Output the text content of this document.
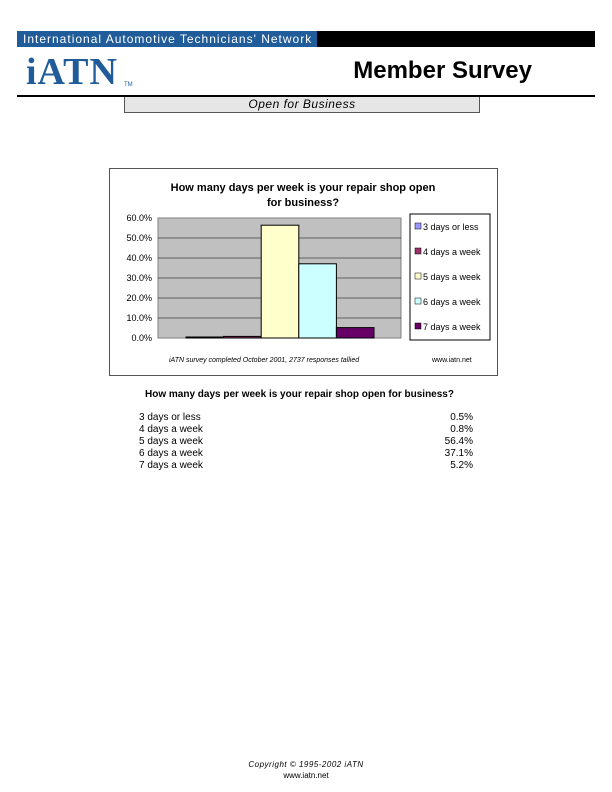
International Automotive Technicians' Network
iATN	TM
Member Survey
Open for Business
How many days per week is your repair shop open
for business?
0.0%
10.0%
20.0%
30.0%
40.0%
50.0%
60.0%
3 days or less
4 days a week
5 days a week
6 days a week
7 days a week
iATN survey completed October 2001, 2737 responses tallied	www.iatn.net
How many days per week is your repair shop open for business?
3 days or less	0.5%
4 days a week	0.8%
5 days a week	56.4%
6 days a week	37.1%
7 days a week	5.2%
Copyright © 1995-2002 iATN
www.iatn.net
